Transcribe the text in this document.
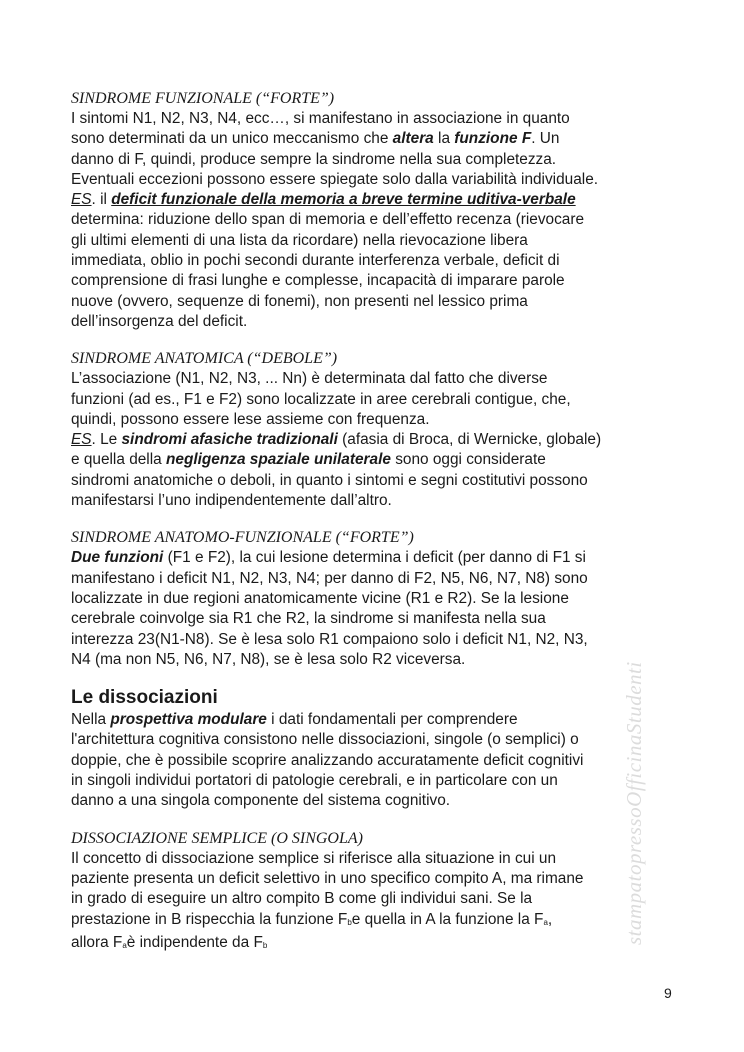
SINDROME FUNZIONALE (“FORTE”)

I sintomi N1, N2, N3, N4, ecc…, si manifestano in associazione in quanto
sono determinati da un unico meccanismo che altera la funzione F. Un
danno di F, quindi, produce sempre la sindrome nella sua completezza.
Eventuali eccezioni possono essere spiegate solo dalla variabilità individuale.
ES. il deficit funzionale della memoria a breve termine uditiva-verbale
determina: riduzione dello span di memoria e dell’effetto recenza (rievocare
gli ultimi elementi di una lista da ricordare) nella rievocazione libera
immediata, oblio in pochi secondi durante interferenza verbale, deficit di
comprensione di frasi lunghe e complesse, incapacità di imparare parole
nuove (ovvero, sequenze di fonemi), non presenti nel lessico prima
dell’insorgenza del deficit.

SINDROME ANATOMICA (“DEBOLE”)

L’associazione (N1, N2, N3, ... Nn) è determinata dal fatto che diverse
funzioni (ad es., F1 e F2) sono localizzate in aree cerebrali contigue, che,
quindi, possono essere lese assieme con frequenza.
ES. Le sindromi afasiche tradizionali (afasia di Broca, di Wernicke, globale)
e quella della negligenza spaziale unilaterale sono oggi considerate
sindromi anatomiche o deboli, in quanto i sintomi e segni costitutivi possono
manifestarsi l’uno indipendentemente dall’altro.

SINDROME ANATOMO-FUNZIONALE (“FORTE”)

Due funzioni (F1 e F2), la cui lesione determina i deficit (per danno di F1 si
manifestano i deficit N1, N2, N3, N4; per danno di F2, N5, N6, N7, N8) sono
localizzate in due regioni anatomicamente vicine (R1 e R2). Se la lesione
cerebrale coinvolge sia R1 che R2, la sindrome si manifesta nella sua
interezza 23(N1-N8). Se è lesa solo R1 compaiono solo i deficit N1, N2, N3,
N4 (ma non N5, N6, N7, N8), se è lesa solo R2 viceversa.

Le dissociazioni

Nella prospettiva modulare i dati fondamentali per comprendere
l'architettura cognitiva consistono nelle dissociazioni, singole (o semplici) o
doppie, che è possibile scoprire analizzando accuratamente deficit cognitivi
in singoli individui portatori di patologie cerebrali, e in particolare con un
danno a una singola componente del sistema cognitivo.

DISSOCIAZIONE SEMPLICE (O SINGOLA)

Il concetto di dissociazione semplice si riferisce alla situazione in cui un
paziente presenta un deficit selettivo in uno specifico compito A, ma rimane
in grado di eseguire un altro compito B come gli individui sani. Se la
prestazione in B rispecchia la funzione Fbe quella in A la funzione la Fa,
allora Faè indipendente da Fb

stampatopressoOfficinaStudenti
9
